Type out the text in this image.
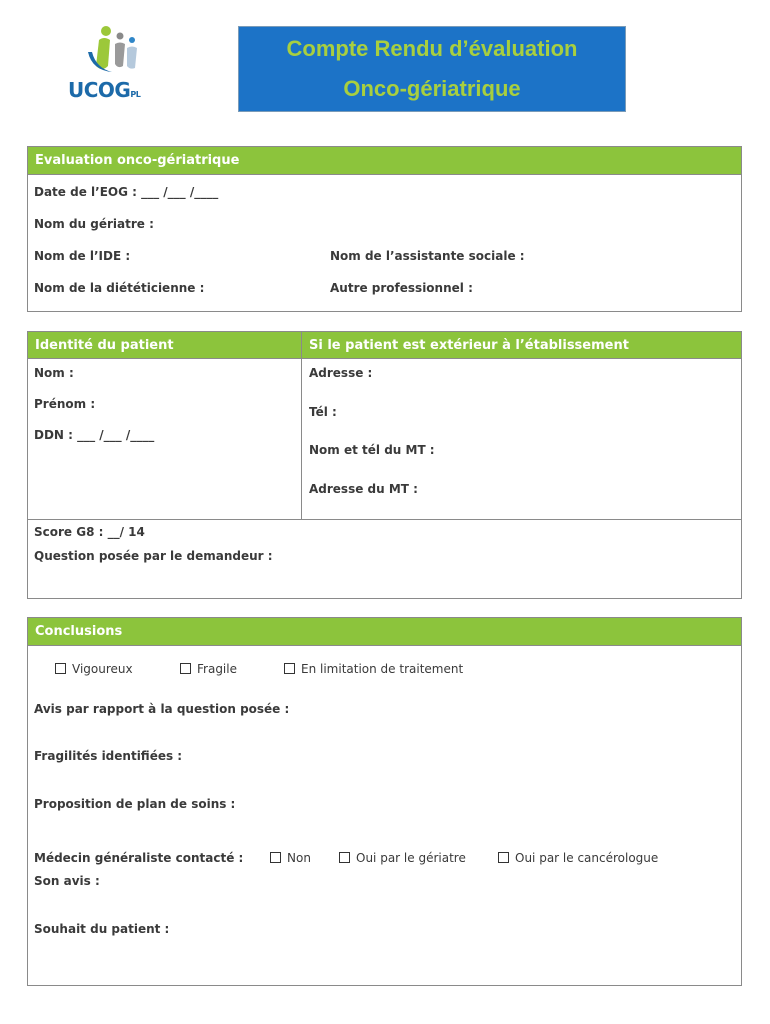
UCOGPL
Compte Rendu d’évaluation
Onco-gériatrique
Evaluation onco-gériatrique
Date de l’EOG : ___ /___ /____
Nom du gériatre :
Nom de l’IDE :	Nom de l’assistante sociale :
Nom de la diététicienne :	Autre professionnel :
Identité du patient	Si le patient est extérieur à l’établissement
Nom :
Prénom :
DDN : ___ /___ /____
Adresse :
Tél :
Nom et tél du MT :
Adresse du MT :
Score G8 : __/ 14
Question posée par le demandeur :
Conclusions
Vigoureux	Fragile	En limitation de traitement
Avis par rapport à la question posée :
Fragilités identifiées :
Proposition de plan de soins :
Médecin généraliste contacté :	Non	Oui par le gériatre	Oui par le cancérologue
Son avis :
Souhait du patient :
